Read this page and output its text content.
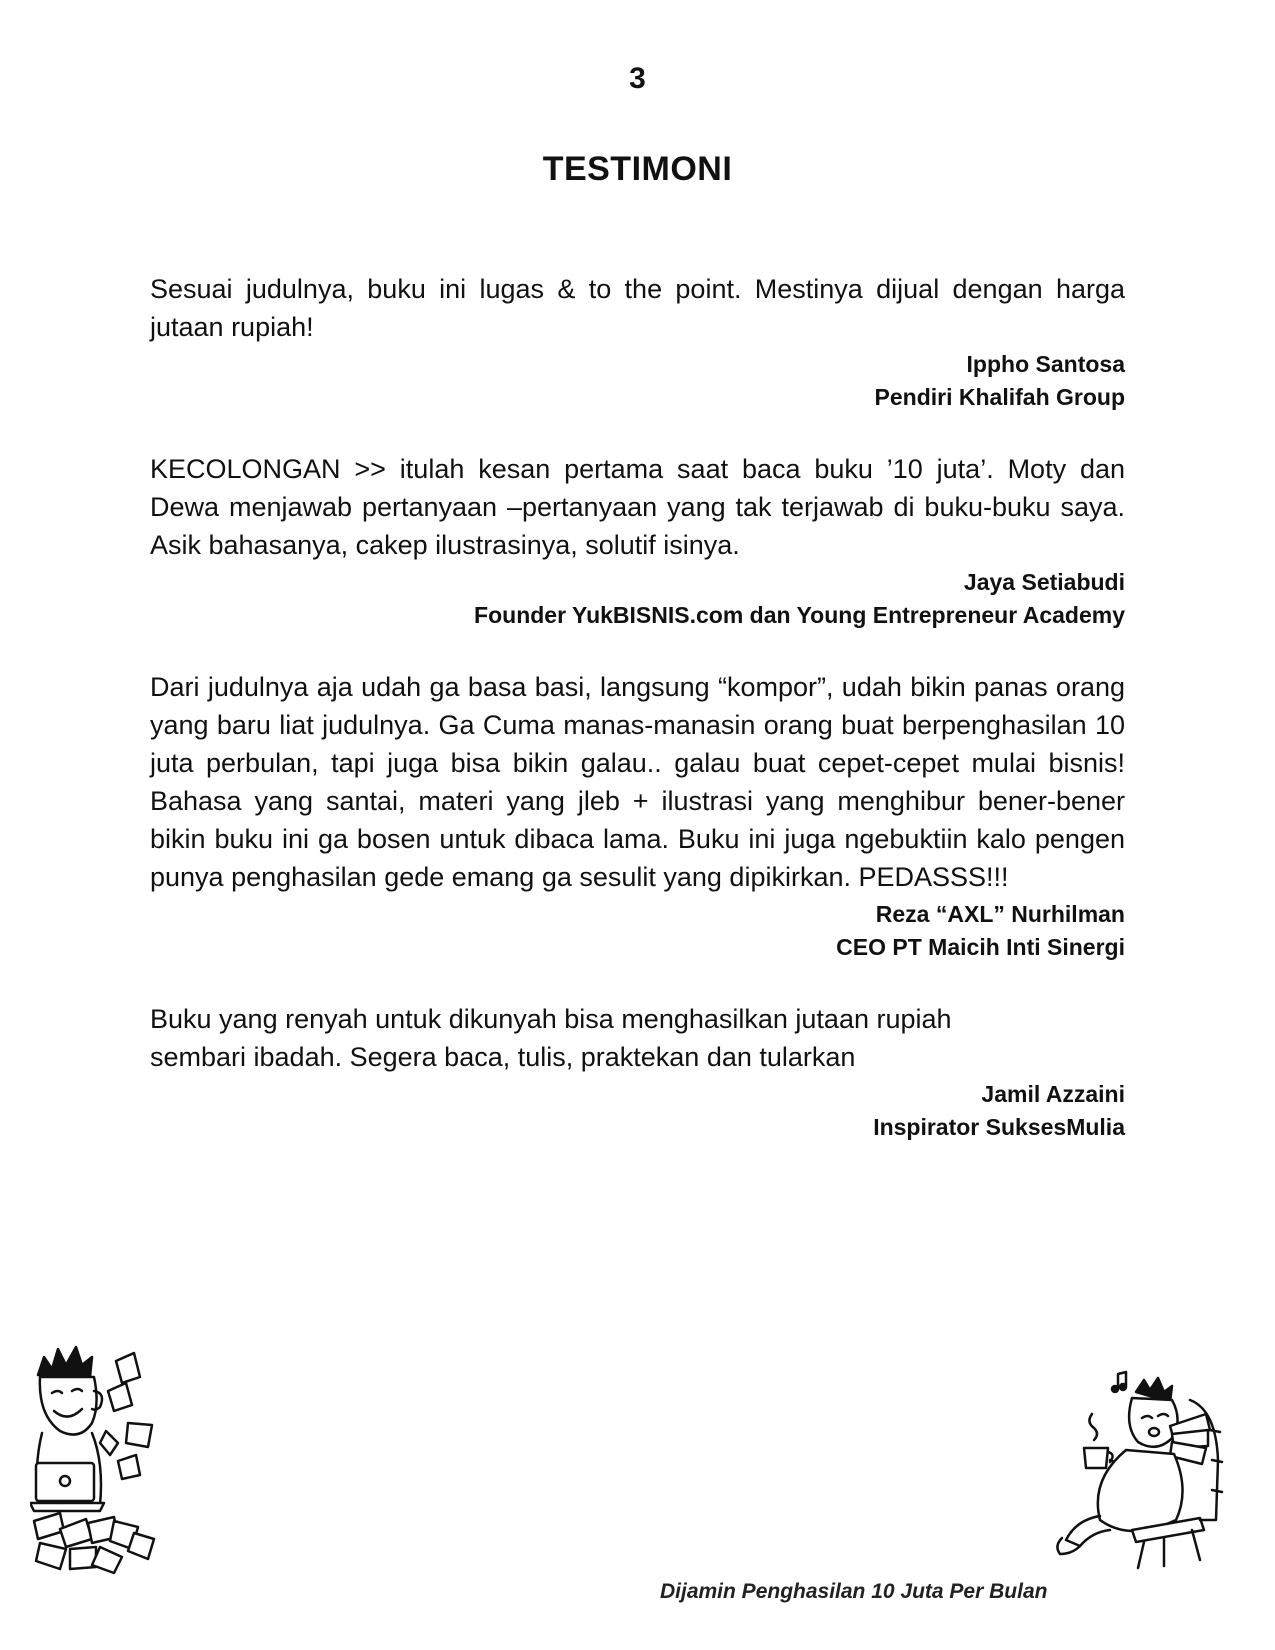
3
TESTIMONI

Sesuai judulnya, buku ini lugas & to the point. Mestinya dijual dengan harga jutaan rupiah!

Ippho Santosa
Pendiri Khalifah Group

KECOLONGAN >> itulah kesan pertama saat baca buku ’10 juta’. Moty dan Dewa menjawab pertanyaan –pertanyaan yang tak terjawab di buku-buku saya. Asik bahasanya, cakep ilustrasinya, solutif isinya.

Jaya Setiabudi
Founder YukBISNIS.com dan Young Entrepreneur Academy

Dari judulnya aja udah ga basa basi, langsung “kompor”, udah bikin panas orang yang baru liat judulnya. Ga Cuma manas-manasin orang buat berpenghasilan 10 juta perbulan, tapi juga bisa bikin galau.. galau buat cepet-cepet mulai bisnis! Bahasa yang santai, materi yang jleb + ilustrasi yang menghibur bener-bener bikin buku ini ga bosen untuk dibaca lama. Buku ini juga ngebuktiin kalo pengen punya penghasilan gede emang ga sesulit yang dipikirkan. PEDASSS!!!

Reza “AXL” Nurhilman
CEO PT Maicih Inti Sinergi

Buku yang renyah untuk dikunyah bisa menghasilkan jutaan rupiah
sembari ibadah. Segera baca, tulis, praktekan dan tularkan

Jamil Azzaini
Inspirator SuksesMulia
Dijamin Penghasilan 10 Juta Per Bulan
